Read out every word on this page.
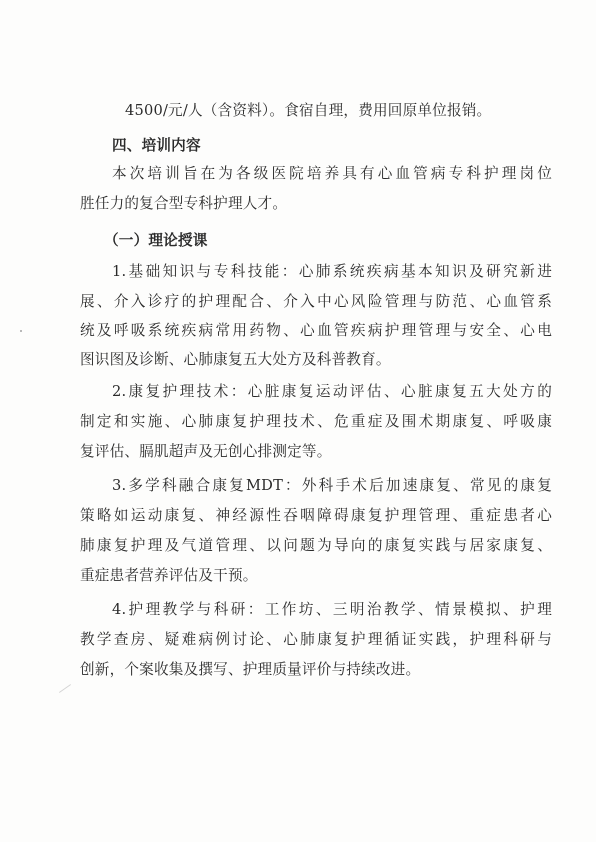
4500/元/人（含资料）。食宿自理，费用回原单位报销。
四、培训内容
本次培训旨在为各级医院培养具有心血管病专科护理岗位
胜任力的复合型专科护理人才。
（一）理论授课
1.基础知识与专科技能：心肺系统疾病基本知识及研究新进
展、介入诊疗的护理配合、介入中心风险管理与防范、心血管系
统及呼吸系统疾病常用药物、心血管疾病护理管理与安全、心电
图识图及诊断、心肺康复五大处方及科普教育。
2.康复护理技术：心脏康复运动评估、心脏康复五大处方的
制定和实施、心肺康复护理技术、危重症及围术期康复、呼吸康
复评估、膈肌超声及无创心排测定等。
3.多学科融合康复MDT：外科手术后加速康复、常见的康复
策略如运动康复、神经源性吞咽障碍康复护理管理、重症患者心
肺康复护理及气道管理、以问题为导向的康复实践与居家康复、
重症患者营养评估及干预。
4.护理教学与科研：工作坊、三明治教学、情景模拟、护理
教学查房、疑难病例讨论、心肺康复护理循证实践，护理科研与
创新，个案收集及撰写、护理质量评价与持续改进。
